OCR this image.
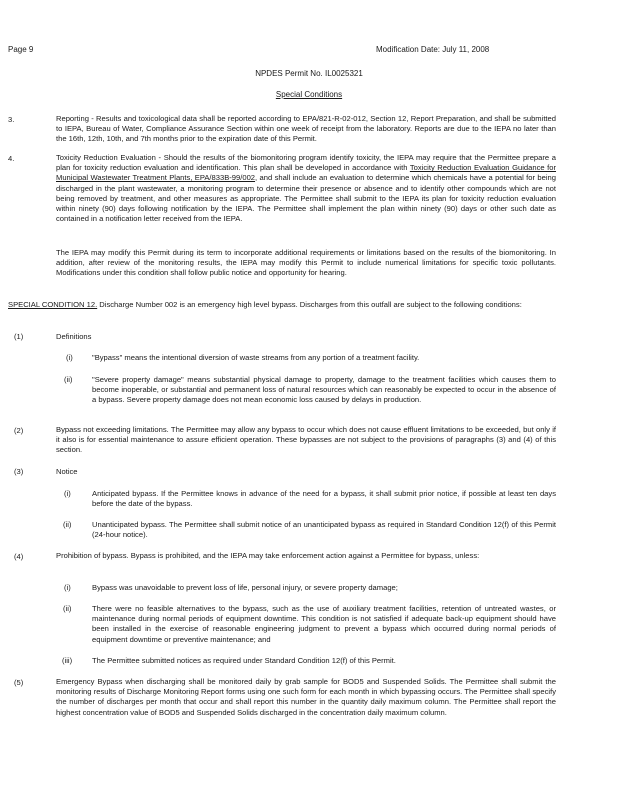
Page 9	Modification Date: July 11, 2008
NPDES Permit No. IL0025321
Special Conditions
3.	Reporting - Results and toxicological data shall be reported according to EPA/821-R-02-012, Section 12, Report Preparation, and shall be submitted to IEPA, Bureau of Water, Compliance Assurance Section within one week of receipt from the laboratory. Reports are due to the IEPA no later than the 16th, 12th, 10th, and 7th months prior to the expiration date of this Permit.
4.	Toxicity Reduction Evaluation - Should the results of the biomonitoring program identify toxicity, the IEPA may require that the Permittee prepare a plan for toxicity reduction evaluation and identification. This plan shall be developed in accordance with Toxicity Reduction Evaluation Guidance for Municipal Wastewater Treatment Plants, EPA/833B-99/002, and shall include an evaluation to determine which chemicals have a potential for being discharged in the plant wastewater, a monitoring program to determine their presence or absence and to identify other compounds which are not being removed by treatment, and other measures as appropriate. The Permittee shall submit to the IEPA its plan for toxicity reduction evaluation within ninety (90) days following notification by the IEPA. The Permittee shall implement the plan within ninety (90) days or other such date as contained in a notification letter received from the IEPA.
The IEPA may modify this Permit during its term to incorporate additional requirements or limitations based on the results of the biomonitoring. In addition, after review of the monitoring results, the IEPA may modify this Permit to include numerical limitations for specific toxic pollutants. Modifications under this condition shall follow public notice and opportunity for hearing.
SPECIAL CONDITION 12. Discharge Number 002 is an emergency high level bypass. Discharges from this outfall are subject to the following conditions:
(1)	Definitions
(i)	"Bypass" means the intentional diversion of waste streams from any portion of a treatment facility.
(ii)	"Severe property damage" means substantial physical damage to property, damage to the treatment facilities which causes them to become inoperable, or substantial and permanent loss of natural resources which can reasonably be expected to occur in the absence of a bypass. Severe property damage does not mean economic loss caused by delays in production.
(2)	Bypass not exceeding limitations. The Permittee may allow any bypass to occur which does not cause effluent limitations to be exceeded, but only if it also is for essential maintenance to assure efficient operation. These bypasses are not subject to the provisions of paragraphs (3) and (4) of this section.
(3)	Notice
(i)	Anticipated bypass. If the Permittee knows in advance of the need for a bypass, it shall submit prior notice, if possible at least ten days before the date of the bypass.
(ii)	Unanticipated bypass. The Permittee shall submit notice of an unanticipated bypass as required in Standard Condition 12(f) of this Permit (24-hour notice).
(4)	Prohibition of bypass. Bypass is prohibited, and the IEPA may take enforcement action against a Permittee for bypass, unless:
(i)	Bypass was unavoidable to prevent loss of life, personal injury, or severe property damage;
(ii)	There were no feasible alternatives to the bypass, such as the use of auxiliary treatment facilities, retention of untreated wastes, or maintenance during normal periods of equipment downtime. This condition is not satisfied if adequate back-up equipment should have been installed in the exercise of reasonable engineering judgment to prevent a bypass which occurred during normal periods of equipment downtime or preventive maintenance; and
(iii)	The Permittee submitted notices as required under Standard Condition 12(f) of this Permit.
(5)	Emergency Bypass when discharging shall be monitored daily by grab sample for BOD5 and Suspended Solids. The Permittee shall submit the monitoring results of Discharge Monitoring Report forms using one such form for each month in which bypassing occurs. The Permittee shall specify the number of discharges per month that occur and shall report this number in the quantity daily maximum column. The Permittee shall report the highest concentration value of BOD5 and Suspended Solids discharged in the concentration daily maximum column.
